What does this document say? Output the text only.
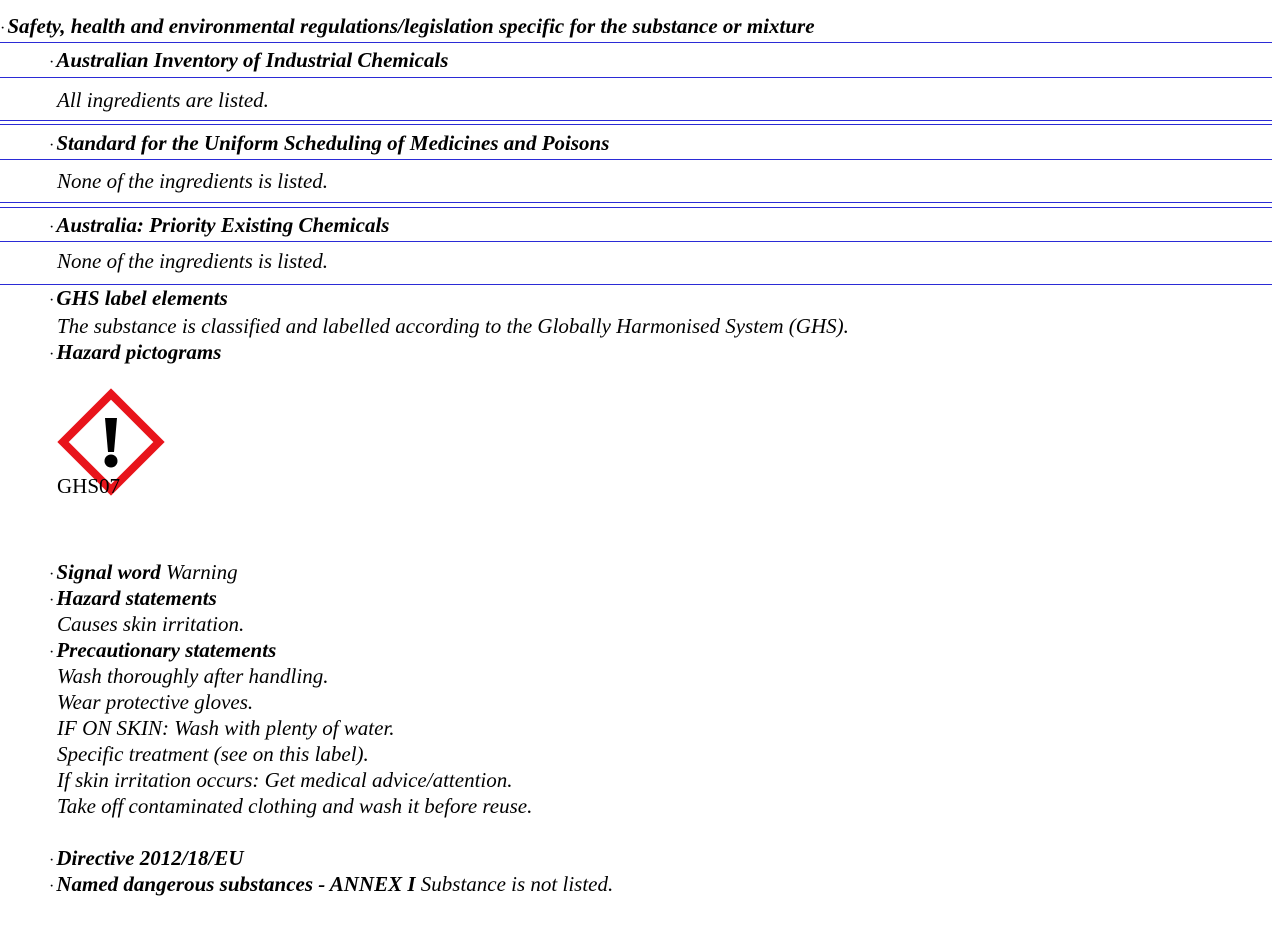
·Safety, health and environmental regulations/legislation specific for the substance or mixture
·Australian Inventory of Industrial Chemicals
All ingredients are listed.
·Standard for the Uniform Scheduling of Medicines and Poisons
None of the ingredients is listed.
·Australia: Priority Existing Chemicals
None of the ingredients is listed.
·GHS label elements
The substance is classified and labelled according to the Globally Harmonised System (GHS).
·Hazard pictograms
GHS07
·Signal word Warning
·Hazard statements
Causes skin irritation.
·Precautionary statements
Wash thoroughly after handling.
Wear protective gloves.
IF ON SKIN: Wash with plenty of water.
Specific treatment (see on this label).
If skin irritation occurs: Get medical advice/attention.
Take off contaminated clothing and wash it before reuse.
·Directive 2012/18/EU
·Named dangerous substances - ANNEX I Substance is not listed.
